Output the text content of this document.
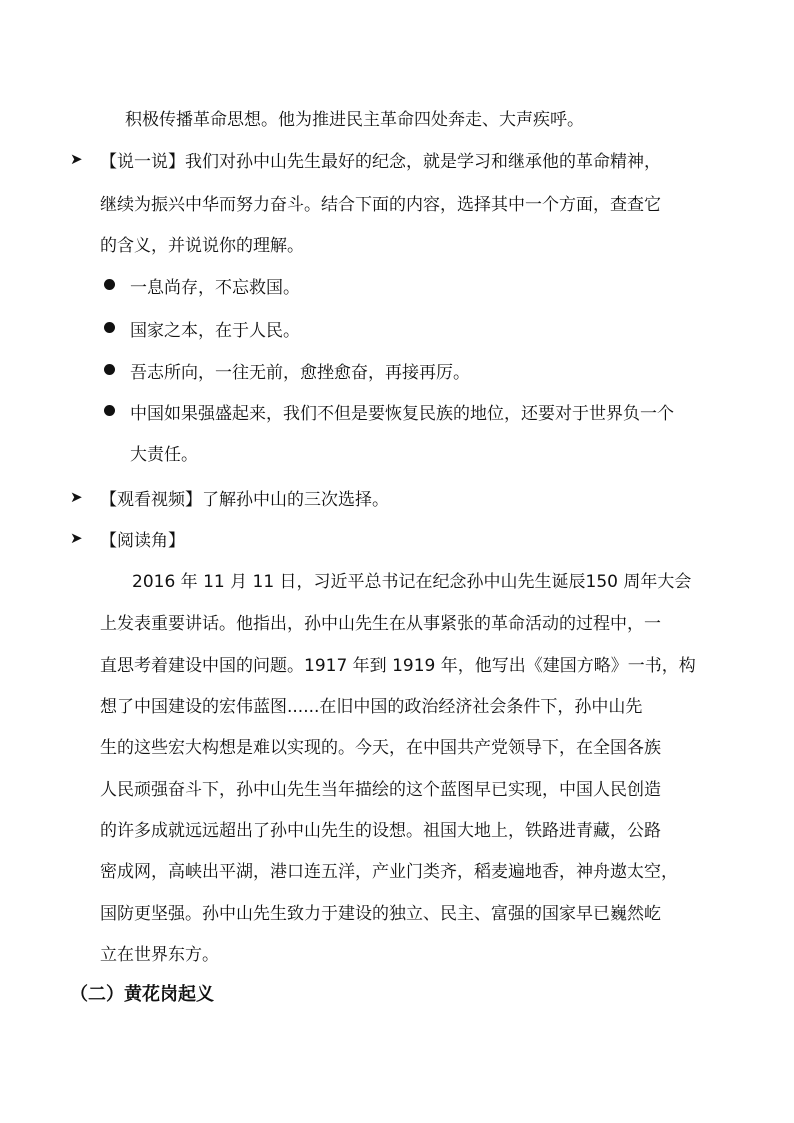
积极传播革命思想。他为推进民主革命四处奔走、大声疾呼。
➤ 【说一说】我们对孙中山先生最好的纪念，就是学习和继承他的革命精神，
继续为振兴中华而努力奋斗。结合下面的内容，选择其中一个方面，查查它
的含义，并说说你的理解。
一息尚存，不忘救国。
国家之本，在于人民。
吾志所向，一往无前，愈挫愈奋，再接再厉。
中国如果强盛起来，我们不但是要恢复民族的地位，还要对于世界负一个
大责任。
➤ 【观看视频】了解孙中山的三次选择。
➤ 【阅读角】
2016 年 11 月 11 日，习近平总书记在纪念孙中山先生诞辰150 周年大会
上发表重要讲话。他指出，孙中山先生在从事紧张的革命活动的过程中，一
直思考着建设中国的问题。1917 年到 1919 年，他写出《建国方略》一书，构
想了中国建设的宏伟蓝图......在旧中国的政治经济社会条件下，孙中山先
生的这些宏大构想是难以实现的。今天，在中国共产党领导下，在全国各族
人民顽强奋斗下，孙中山先生当年描绘的这个蓝图早已实现，中国人民创造
的许多成就远远超出了孙中山先生的设想。祖国大地上，铁路进青藏，公路
密成网，高峡出平湖，港口连五洋，产业门类齐，稻麦遍地香，神舟遨太空，
国防更坚强。孙中山先生致力于建设的独立、民主、富强的国家早已巍然屹
立在世界东方。
（二）黄花岗起义
